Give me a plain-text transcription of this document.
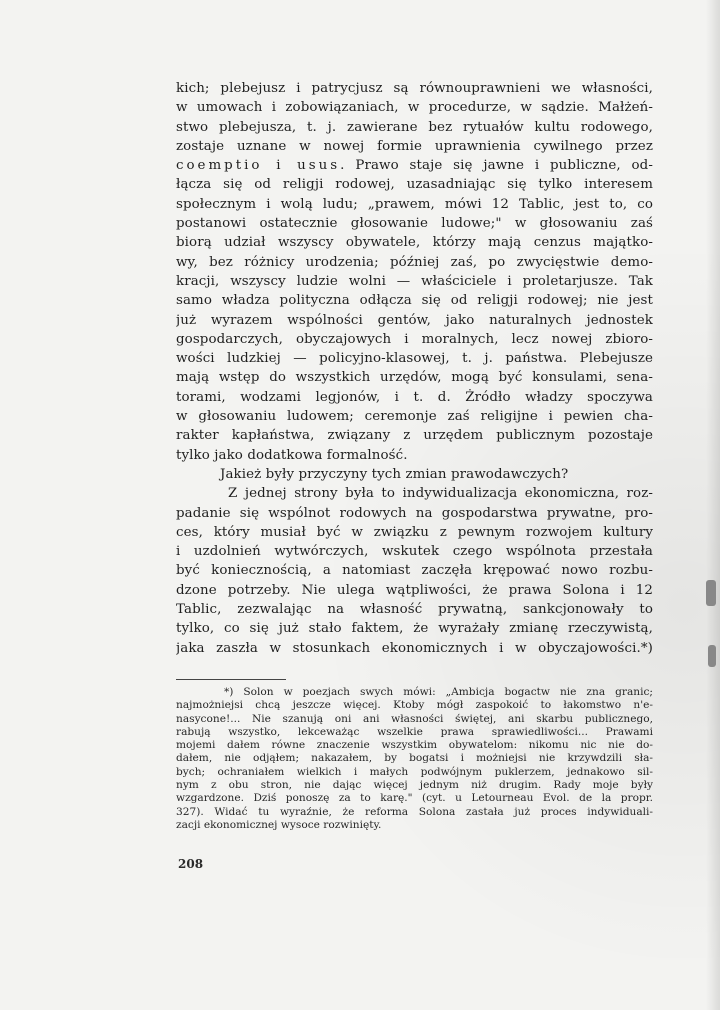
kich; plebejusz i patrycjusz są równouprawnieni we własności,
w umowach i zobowiązaniach, w procedurze, w sądzie. Małżeń-
stwo plebejusza, t. j. zawierane bez rytuałów kultu rodowego,
zostaje uznane w nowej formie uprawnienia cywilnego przez
coemptio i usus. Prawo staje się jawne i publiczne, od-
łącza się od religji rodowej, uzasadniając się tylko interesem
społecznym i wolą ludu; „prawem, mówi 12 Tablic, jest to, co
postanowi ostatecznie głosowanie ludowe;" w głosowaniu zaś
biorą udział wszyscy obywatele, którzy mają cenzus majątko-
wy, bez różnicy urodzenia; później zaś, po zwycięstwie demo-
kracji, wszyscy ludzie wolni — właściciele i proletarjusze. Tak
samo władza polityczna odłącza się od religji rodowej; nie jest
już wyrazem wspólności gentów, jako naturalnych jednostek
gospodarczych, obyczajowych i moralnych, lecz nowej zbioro-
wości ludzkiej — policyjno-klasowej, t. j. państwa. Plebejusze
mają wstęp do wszystkich urzędów, mogą być konsulami, sena-
torami, wodzami legjonów, i t. d. Żródło władzy spoczywa
w głosowaniu ludowem; ceremonje zaś religijne i pewien cha-
rakter kapłaństwa, związany z urzędem publicznym pozostaje
tylko jako dodatkowa formalność.
Jakież były przyczyny tych zmian prawodawczych?
Z jednej strony była to indywidualizacja ekonomiczna, roz-
padanie się wspólnot rodowych na gospodarstwa prywatne, pro-
ces, który musiał być w związku z pewnym rozwojem kultury
i uzdolnień wytwórczych, wskutek czego wspólnota przestała
być koniecznością, a natomiast zaczęła krępować nowo rozbu-
dzone potrzeby. Nie ulega wątpliwości, że prawa Solona i 12
Tablic, zezwalając na własność prywatną, sankcjonowały to
tylko, co się już stało faktem, że wyrażały zmianę rzeczywistą,
jaka zaszła w stosunkach ekonomicznych i w obyczajowości.*)
*) Solon w poezjach swych mówi: „Ambicja bogactw nie zna granic;
najmożniejsi chcą jeszcze więcej. Ktoby mógł zaspokoić to łakomstwo n'e-
nasycone!... Nie szanują oni ani własności świętej, ani skarbu publicznego,
rabują wszystko, lekceważąc wszelkie prawa sprawiedliwości... Prawami
mojemi dałem równe znaczenie wszystkim obywatelom: nikomu nic nie do-
dałem, nie odjąłem; nakazałem, by bogatsi i możniejsi nie krzywdzili sła-
bych; ochraniałem wielkich i małych podwójnym puklerzem, jednakowo sil-
nym z obu stron, nie dając więcej jednym niż drugim. Rady moje były
wzgardzone. Dziś ponoszę za to karę." (cyt. u Letourneau Evol. de la propr.
327). Widać tu wyraźnie, że reforma Solona zastała już proces indywiduali-
zacji ekonomicznej wysoce rozwinięty.
208
